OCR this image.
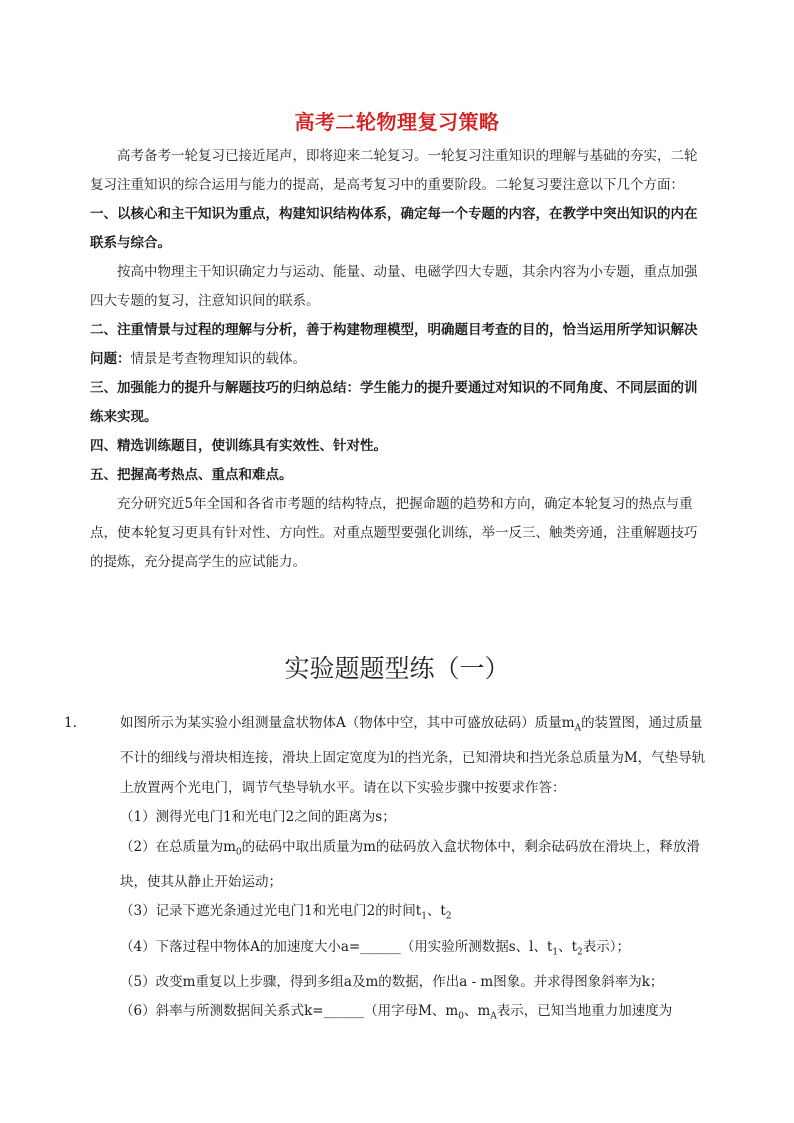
高考二轮物理复习策略

高考备考一轮复习已接近尾声，即将迎来二轮复习。一轮复习注重知识的理解与基础的夯实，二轮复习注重知识的综合运用与能力的提高，是高考复习中的重要阶段。二轮复习要注意以下几个方面：

一、以核心和主干知识为重点，构建知识结构体系，确定每一个专题的内容，在教学中突出知识的内在联系与综合。

按高中物理主干知识确定力与运动、能量、动量、电磁学四大专题，其余内容为小专题，重点加强四大专题的复习，注意知识间的联系。

二、注重情景与过程的理解与分析，善于构建物理模型，明确题目考查的目的，恰当运用所学知识解决问题：情景是考查物理知识的载体。

三、加强能力的提升与解题技巧的归纳总结：学生能力的提升要通过对知识的不同角度、不同层面的训练来实现。

四、精选训练题目，使训练具有实效性、针对性。

五、把握高考热点、重点和难点。

充分研究近5年全国和各省市考题的结构特点，把握命题的趋势和方向，确定本轮复习的热点与重点，使本轮复习更具有针对性、方向性。对重点题型要强化训练，举一反三、触类旁通，注重解题技巧的提炼，充分提高学生的应试能力。

实验题题型练（一）

1.	如图所示为某实验小组测量盒状物体A（物体中空，其中可盛放砝码）质量$m_A$的装置图，通过质量不计的细线与滑块相连接，滑块上固定宽度为l的挡光条，已知滑块和挡光条总质量为M，气垫导轨上放置两个光电门，调节气垫导轨水平。请在以下实验步骤中按要求作答：

（1）测得光电门1和光电门2之间的距离为s；

（2）在总质量为$m_0$的砝码中取出质量为m的砝码放入盒状物体中，剩余砝码放在滑块上，释放滑块，使其从静止开始运动；

（3）记录下遮光条通过光电门1和光电门2的时间$t_1$、$t_2$

（4）下落过程中物体A的加速度大小a=______（用实验所测数据s、l、$t_1$、$t_2$表示）；

（5）改变m重复以上步骤，得到多组a及m的数据，作出a - m图象。并求得图象斜率为k；

（6）斜率与所测数据间关系式k=______（用字母M、$m_0$、$m_A$表示，已知当地重力加速度为
